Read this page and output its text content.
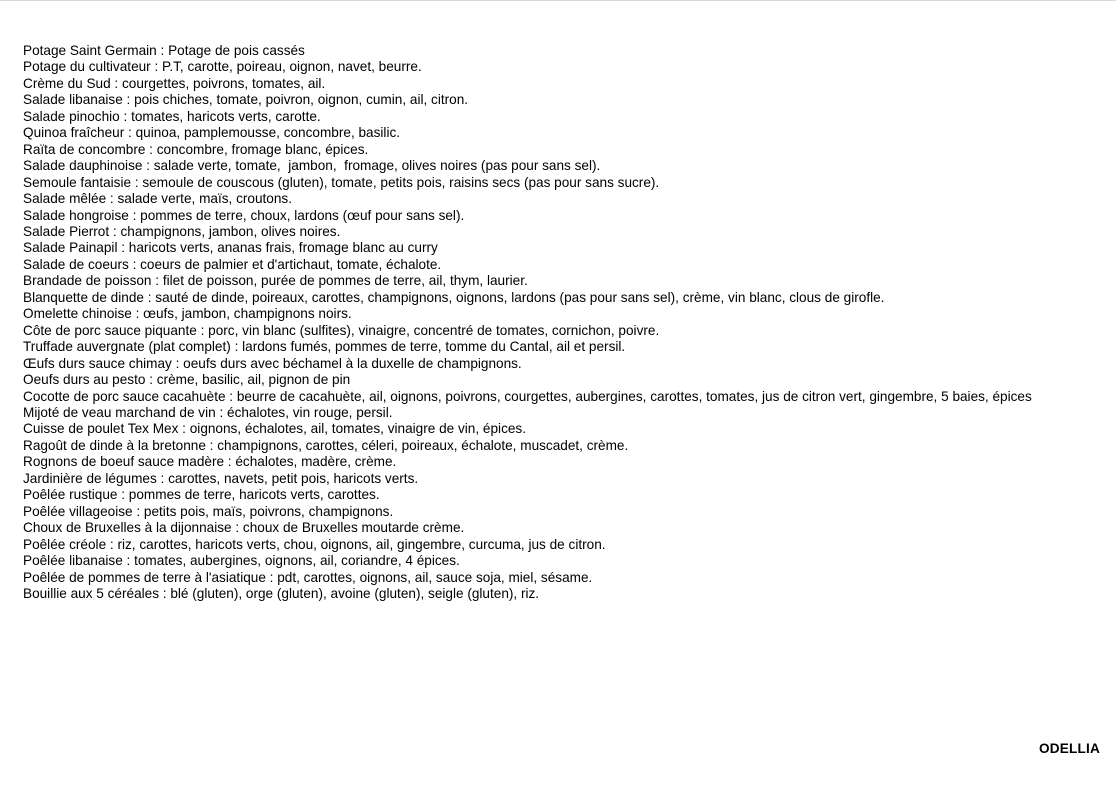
Potage Saint Germain : Potage de pois cassés
Potage du cultivateur : P.T, carotte, poireau, oignon, navet, beurre.
Crème du Sud : courgettes, poivrons, tomates, ail.
Salade libanaise : pois chiches, tomate, poivron, oignon, cumin, ail, citron.
Salade pinochio : tomates, haricots verts, carotte.
Quinoa fraîcheur : quinoa, pamplemousse, concombre, basilic.
Raïta de concombre : concombre, fromage blanc, épices.
Salade dauphinoise : salade verte, tomate,  jambon,  fromage, olives noires (pas pour sans sel).
Semoule fantaisie : semoule de couscous (gluten), tomate, petits pois, raisins secs (pas pour sans sucre).
Salade mêlée : salade verte, maïs, croutons.
Salade hongroise : pommes de terre, choux, lardons (œuf pour sans sel).
Salade Pierrot : champignons, jambon, olives noires.
Salade Painapil : haricots verts, ananas frais, fromage blanc au curry
Salade de coeurs : coeurs de palmier et d'artichaut, tomate, échalote.
Brandade de poisson : filet de poisson, purée de pommes de terre, ail, thym, laurier.
Blanquette de dinde : sauté de dinde, poireaux, carottes, champignons, oignons, lardons (pas pour sans sel), crème, vin blanc, clous de girofle.
Omelette chinoise : œufs, jambon, champignons noirs.
Côte de porc sauce piquante : porc, vin blanc (sulfites), vinaigre, concentré de tomates, cornichon, poivre.
Truffade auvergnate (plat complet) : lardons fumés, pommes de terre, tomme du Cantal, ail et persil.
Œufs durs sauce chimay : oeufs durs avec béchamel à la duxelle de champignons.
Oeufs durs au pesto : crème, basilic, ail, pignon de pin
Cocotte de porc sauce cacahuète : beurre de cacahuète, ail, oignons, poivrons, courgettes, aubergines, carottes, tomates, jus de citron vert, gingembre, 5 baies, épices
Mijoté de veau marchand de vin : échalotes, vin rouge, persil.
Cuisse de poulet Tex Mex : oignons, échalotes, ail, tomates, vinaigre de vin, épices.
Ragoût de dinde à la bretonne : champignons, carottes, céleri, poireaux, échalote, muscadet, crème.
Rognons de boeuf sauce madère : échalotes, madère, crème.
Jardinière de légumes : carottes, navets, petit pois, haricots verts.
Poêlée rustique : pommes de terre, haricots verts, carottes.
Poêlée villageoise : petits pois, maïs, poivrons, champignons.
Choux de Bruxelles à la dijonnaise : choux de Bruxelles moutarde crème.
Poêlée créole : riz, carottes, haricots verts, chou, oignons, ail, gingembre, curcuma, jus de citron.
Poêlée libanaise : tomates, aubergines, oignons, ail, coriandre, 4 épices.
Poêlée de pommes de terre à l'asiatique : pdt, carottes, oignons, ail, sauce soja, miel, sésame.
Bouillie aux 5 céréales : blé (gluten), orge (gluten), avoine (gluten), seigle (gluten), riz.
ODELLIA
